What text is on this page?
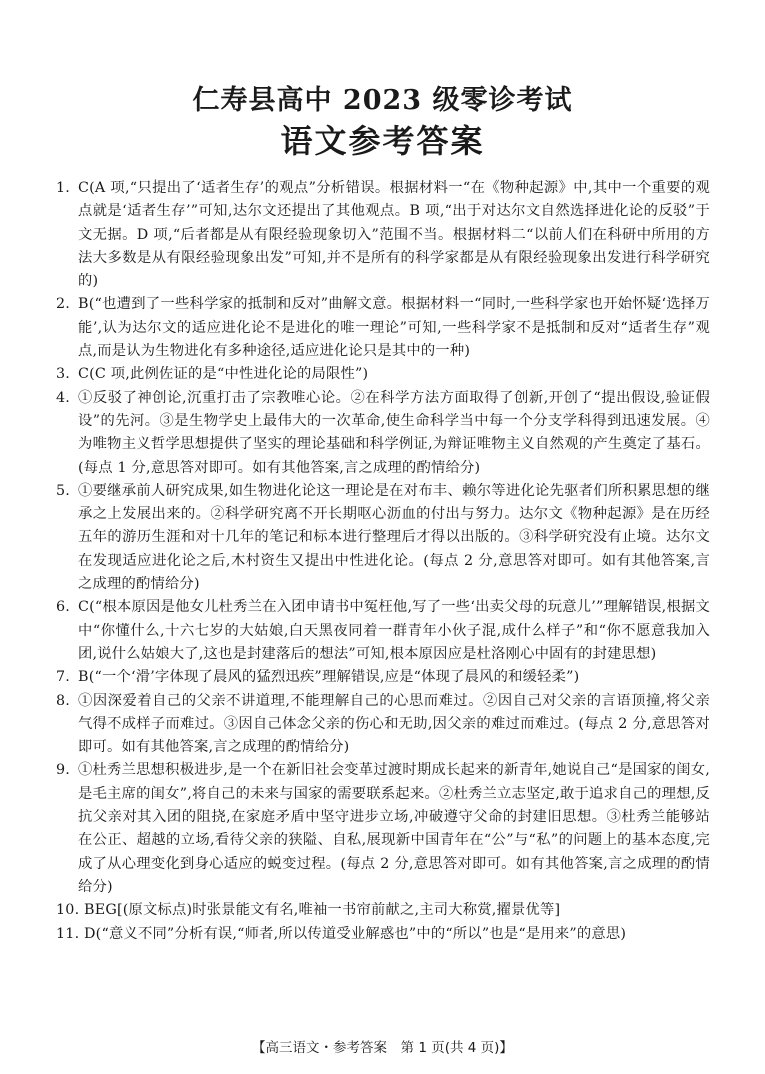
仁寿县高中 2023 级零诊考试
语文参考答案

1. C(A 项,“只提出了‘适者生存’的观点”分析错误。根据材料一“在《物种起源》中,其中一个重要的观点就是‘适者生存’”可知,达尔文还提出了其他观点。B 项,“出于对达尔文自然选择进化论的反驳”于文无据。D 项,“后者都是从有限经验现象切入”范围不当。根据材料二“以前人们在科研中所用的方法大多数是从有限经验现象出发”可知,并不是所有的科学家都是从有限经验现象出发进行科学研究的)

2. B(“也遭到了一些科学家的抵制和反对”曲解文意。根据材料一“同时,一些科学家也开始怀疑‘选择万能’,认为达尔文的适应进化论不是进化的唯一理论”可知,一些科学家不是抵制和反对“适者生存”观点,而是认为生物进化有多种途径,适应进化论只是其中的一种)

3. C(C 项,此例佐证的是“中性进化论的局限性”)

4. ①反驳了神创论,沉重打击了宗教唯心论。②在科学方法方面取得了创新,开创了“提出假设,验证假设”的先河。③是生物学史上最伟大的一次革命,使生命科学当中每一个分支学科得到迅速发展。④为唯物主义哲学思想提供了坚实的理论基础和科学例证,为辩证唯物主义自然观的产生奠定了基石。(每点 1 分,意思答对即可。如有其他答案,言之成理的酌情给分)

5. ①要继承前人研究成果,如生物进化论这一理论是在对布丰、赖尔等进化论先驱者们所积累思想的继承之上发展出来的。②科学研究离不开长期呕心沥血的付出与努力。达尔文《物种起源》是在历经五年的游历生涯和对十几年的笔记和标本进行整理后才得以出版的。③科学研究没有止境。达尔文在发现适应进化论之后,木村资生又提出中性进化论。(每点 2 分,意思答对即可。如有其他答案,言之成理的酌情给分)

6. C(“根本原因是他女儿杜秀兰在入团申请书中冤枉他,写了一些‘出卖父母的玩意儿’”理解错误,根据文中“你懂什么,十六七岁的大姑娘,白天黑夜同着一群青年小伙子混,成什么样子”和“你不愿意我加入团,说什么姑娘大了,这也是封建落后的想法”可知,根本原因应是杜洛刚心中固有的封建思想)

7. B(“一个‘滑’字体现了晨风的猛烈迅疾”理解错误,应是“体现了晨风的和缓轻柔”)

8. ①因深爱着自己的父亲不讲道理,不能理解自己的心思而难过。②因自己对父亲的言语顶撞,将父亲气得不成样子而难过。③因自己体念父亲的伤心和无助,因父亲的难过而难过。(每点 2 分,意思答对即可。如有其他答案,言之成理的酌情给分)

9. ①杜秀兰思想积极进步,是一个在新旧社会变革过渡时期成长起来的新青年,她说自己“是国家的闺女,是毛主席的闺女”,将自己的未来与国家的需要联系起来。②杜秀兰立志坚定,敢于追求自己的理想,反抗父亲对其入团的阻挠,在家庭矛盾中坚守进步立场,冲破遵守父命的封建旧思想。③杜秀兰能够站在公正、超越的立场,看待父亲的狭隘、自私,展现新中国青年在“公”与“私”的问题上的基本态度,完成了从心理变化到身心适应的蜕变过程。(每点 2 分,意思答对即可。如有其他答案,言之成理的酌情给分)

10. BEG[(原文标点)时张景能文有名,唯袖一书帘前献之,主司大称赏,擢景优等]

11. D(“意义不同”分析有误,“师者,所以传道受业解惑也”中的“所以”也是“是用来”的意思)

【高三语文・参考答案　第 1 页(共 4 页)】
